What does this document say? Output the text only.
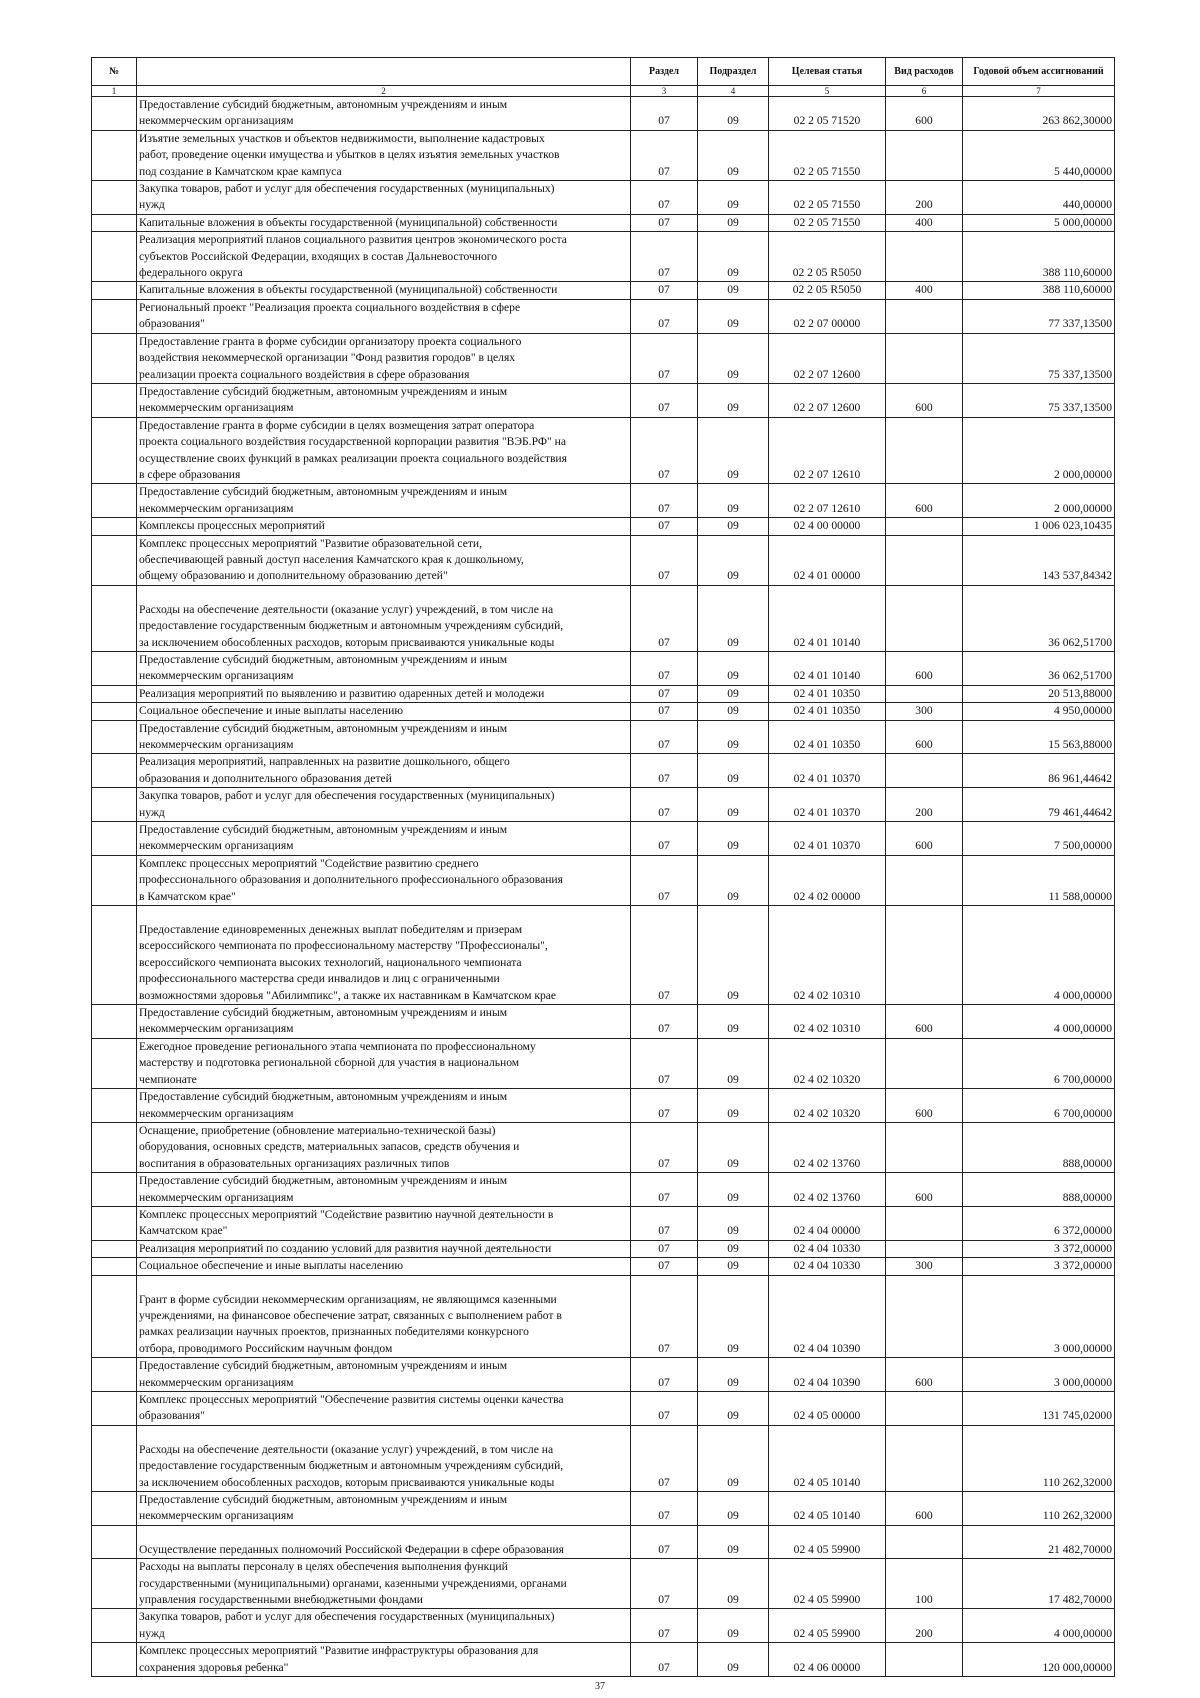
№		Раздел	Подраздел	Целевая статья	Вид расходов	Годовой объем ассигнований
1	2	3	4	5	6	7
	Предоставление субсидий бюджетным, автономным учреждениям и иным
некоммерческим организациям	07	09	02 2 05 71520	600	263 862,30000
	Изъятие земельных участков и объектов недвижимости, выполнение кадастровых
работ, проведение оценки имущества и убытков в целях изъятия земельных участков
под создание в Камчатском крае кампуса	07	09	02 2 05 71550		5 440,00000
	Закупка товаров, работ и услуг для обеспечения государственных (муниципальных)
нужд	07	09	02 2 05 71550	200	440,00000
	Капитальные вложения в объекты государственной (муниципальной) собственности	07	09	02 2 05 71550	400	5 000,00000
	Реализация мероприятий планов социального развития центров экономического роста
субъектов Российской Федерации, входящих в состав Дальневосточного
федерального округа	07	09	02 2 05 R5050		388 110,60000
	Капитальные вложения в объекты государственной (муниципальной) собственности	07	09	02 2 05 R5050	400	388 110,60000
	Региональный проект "Реализация проекта социального воздействия в сфере
образования"	07	09	02 2 07 00000		77 337,13500
	Предоставление гранта в форме субсидии организатору проекта социального
воздействия некоммерческой организации "Фонд развития городов" в целях
реализации проекта социального воздействия в сфере образования	07	09	02 2 07 12600		75 337,13500
	Предоставление субсидий бюджетным, автономным учреждениям и иным
некоммерческим организациям	07	09	02 2 07 12600	600	75 337,13500
	Предоставление гранта в форме субсидии в целях возмещения затрат оператора
проекта социального воздействия государственной корпорации развития "ВЭБ.РФ" на
осуществление своих функций в рамках реализации проекта социального воздействия
в сфере образования	07	09	02 2 07 12610		2 000,00000
	Предоставление субсидий бюджетным, автономным учреждениям и иным
некоммерческим организациям	07	09	02 2 07 12610	600	2 000,00000
	Комплексы процессных мероприятий	07	09	02 4 00 00000		1 006 023,10435
	Комплекс процессных мероприятий "Развитие образовательной сети,
обеспечивающей равный доступ населения Камчатского края к дошкольному,
общему образованию и дополнительному образованию детей"	07	09	02 4 01 00000		143 537,84342
	Расходы на обеспечение деятельности (оказание услуг) учреждений, в том числе на
предоставление государственным бюджетным и автономным учреждениям субсидий,
за исключением обособленных расходов, которым присваиваются уникальные коды	07	09	02 4 01 10140		36 062,51700
	Предоставление субсидий бюджетным, автономным учреждениям и иным
некоммерческим организациям	07	09	02 4 01 10140	600	36 062,51700
	Реализация мероприятий по выявлению и развитию одаренных детей и молодежи	07	09	02 4 01 10350		20 513,88000
	Социальное обеспечение и иные выплаты населению	07	09	02 4 01 10350	300	4 950,00000
	Предоставление субсидий бюджетным, автономным учреждениям и иным
некоммерческим организациям	07	09	02 4 01 10350	600	15 563,88000
	Реализация мероприятий, направленных на развитие дошкольного, общего
образования и дополнительного образования детей	07	09	02 4 01 10370		86 961,44642
	Закупка товаров, работ и услуг для обеспечения государственных (муниципальных)
нужд	07	09	02 4 01 10370	200	79 461,44642
	Предоставление субсидий бюджетным, автономным учреждениям и иным
некоммерческим организациям	07	09	02 4 01 10370	600	7 500,00000
	Комплекс процессных мероприятий "Содействие развитию среднего
профессионального образования и дополнительного профессионального образования
в Камчатском крае"	07	09	02 4 02 00000		11 588,00000
	Предоставление единовременных денежных выплат победителям и призерам
всероссийского чемпионата по профессиональному мастерству "Профессионалы",
всероссийского чемпионата высоких технологий, национального чемпионата
профессионального мастерства среди инвалидов и лиц с ограниченными
возможностями здоровья "Абилимпикс", а также их наставникам в Камчатском крае	07	09	02 4 02 10310		4 000,00000
	Предоставление субсидий бюджетным, автономным учреждениям и иным
некоммерческим организациям	07	09	02 4 02 10310	600	4 000,00000
	Ежегодное проведение регионального этапа чемпионата по профессиональному
мастерству и подготовка региональной сборной для участия в национальном
чемпионате	07	09	02 4 02 10320		6 700,00000
	Предоставление субсидий бюджетным, автономным учреждениям и иным
некоммерческим организациям	07	09	02 4 02 10320	600	6 700,00000
	Оснащение, приобретение (обновление материально-технической базы)
оборудования, основных средств, материальных запасов, средств обучения и
воспитания в образовательных организациях различных типов	07	09	02 4 02 13760		888,00000
	Предоставление субсидий бюджетным, автономным учреждениям и иным
некоммерческим организациям	07	09	02 4 02 13760	600	888,00000
	Комплекс процессных мероприятий "Содействие развитию научной деятельности в
Камчатском крае"	07	09	02 4 04 00000		6 372,00000
	Реализация мероприятий по созданию условий для развития научной деятельности	07	09	02 4 04 10330		3 372,00000
	Социальное обеспечение и иные выплаты населению	07	09	02 4 04 10330	300	3 372,00000
	Грант в форме субсидии некоммерческим организациям, не являющимся казенными
учреждениями, на финансовое обеспечение затрат, связанных с выполнением работ в
рамках реализации научных проектов, признанных победителями конкурсного
отбора, проводимого Российским научным фондом	07	09	02 4 04 10390		3 000,00000
	Предоставление субсидий бюджетным, автономным учреждениям и иным
некоммерческим организациям	07	09	02 4 04 10390	600	3 000,00000
	Комплекс процессных мероприятий "Обеспечение развития системы оценки качества
образования"	07	09	02 4 05 00000		131 745,02000
	Расходы на обеспечение деятельности (оказание услуг) учреждений, в том числе на
предоставление государственным бюджетным и автономным учреждениям субсидий,
за исключением обособленных расходов, которым присваиваются уникальные коды	07	09	02 4 05 10140		110 262,32000
	Предоставление субсидий бюджетным, автономным учреждениям и иным
некоммерческим организациям	07	09	02 4 05 10140	600	110 262,32000
	Осуществление переданных полномочий Российской Федерации в сфере образования	07	09	02 4 05 59900		21 482,70000
	Расходы на выплаты персоналу в целях обеспечения выполнения функций
государственными (муниципальными) органами, казенными учреждениями, органами
управления государственными внебюджетными фондами	07	09	02 4 05 59900	100	17 482,70000
	Закупка товаров, работ и услуг для обеспечения государственных (муниципальных)
нужд	07	09	02 4 05 59900	200	4 000,00000
	Комплекс процессных мероприятий "Развитие инфраструктуры образования для
сохранения здоровья ребенка"	07	09	02 4 06 00000		120 000,00000
37
